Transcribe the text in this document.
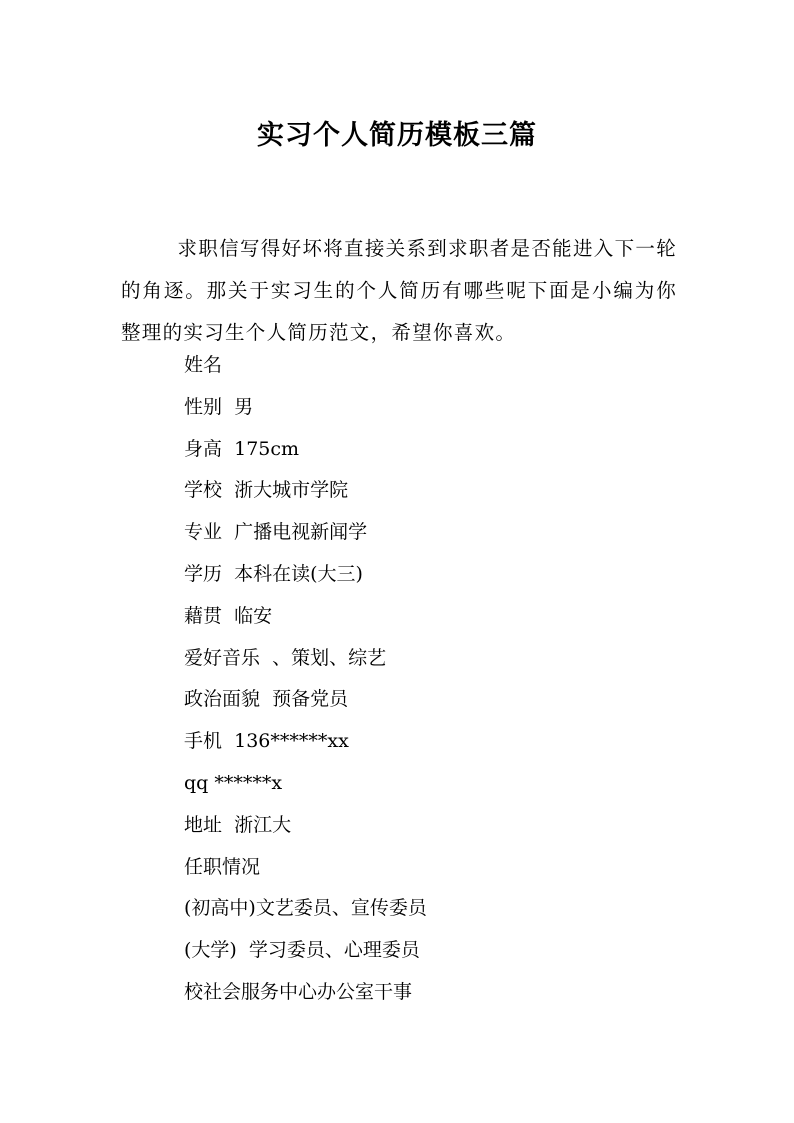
实习个人简历模板三篇

求职信写得好坏将直接关系到求职者是否能进入下一轮的角逐。那关于实习生的个人简历有哪些呢下面是小编为你整理的实习生个人简历范文，希望你喜欢。

姓名
性别 男
身高 175cm
学校 浙大城市学院
专业 广播电视新闻学
学历 本科在读(大三)
藉贯 临安
爱好音乐 、策划、综艺
政治面貌 预备党员
手机 136******xx
qq ******x
地址 浙江大
任职情况
(初高中)文艺委员、宣传委员
(大学) 学习委员、心理委员
校社会服务中心办公室干事
